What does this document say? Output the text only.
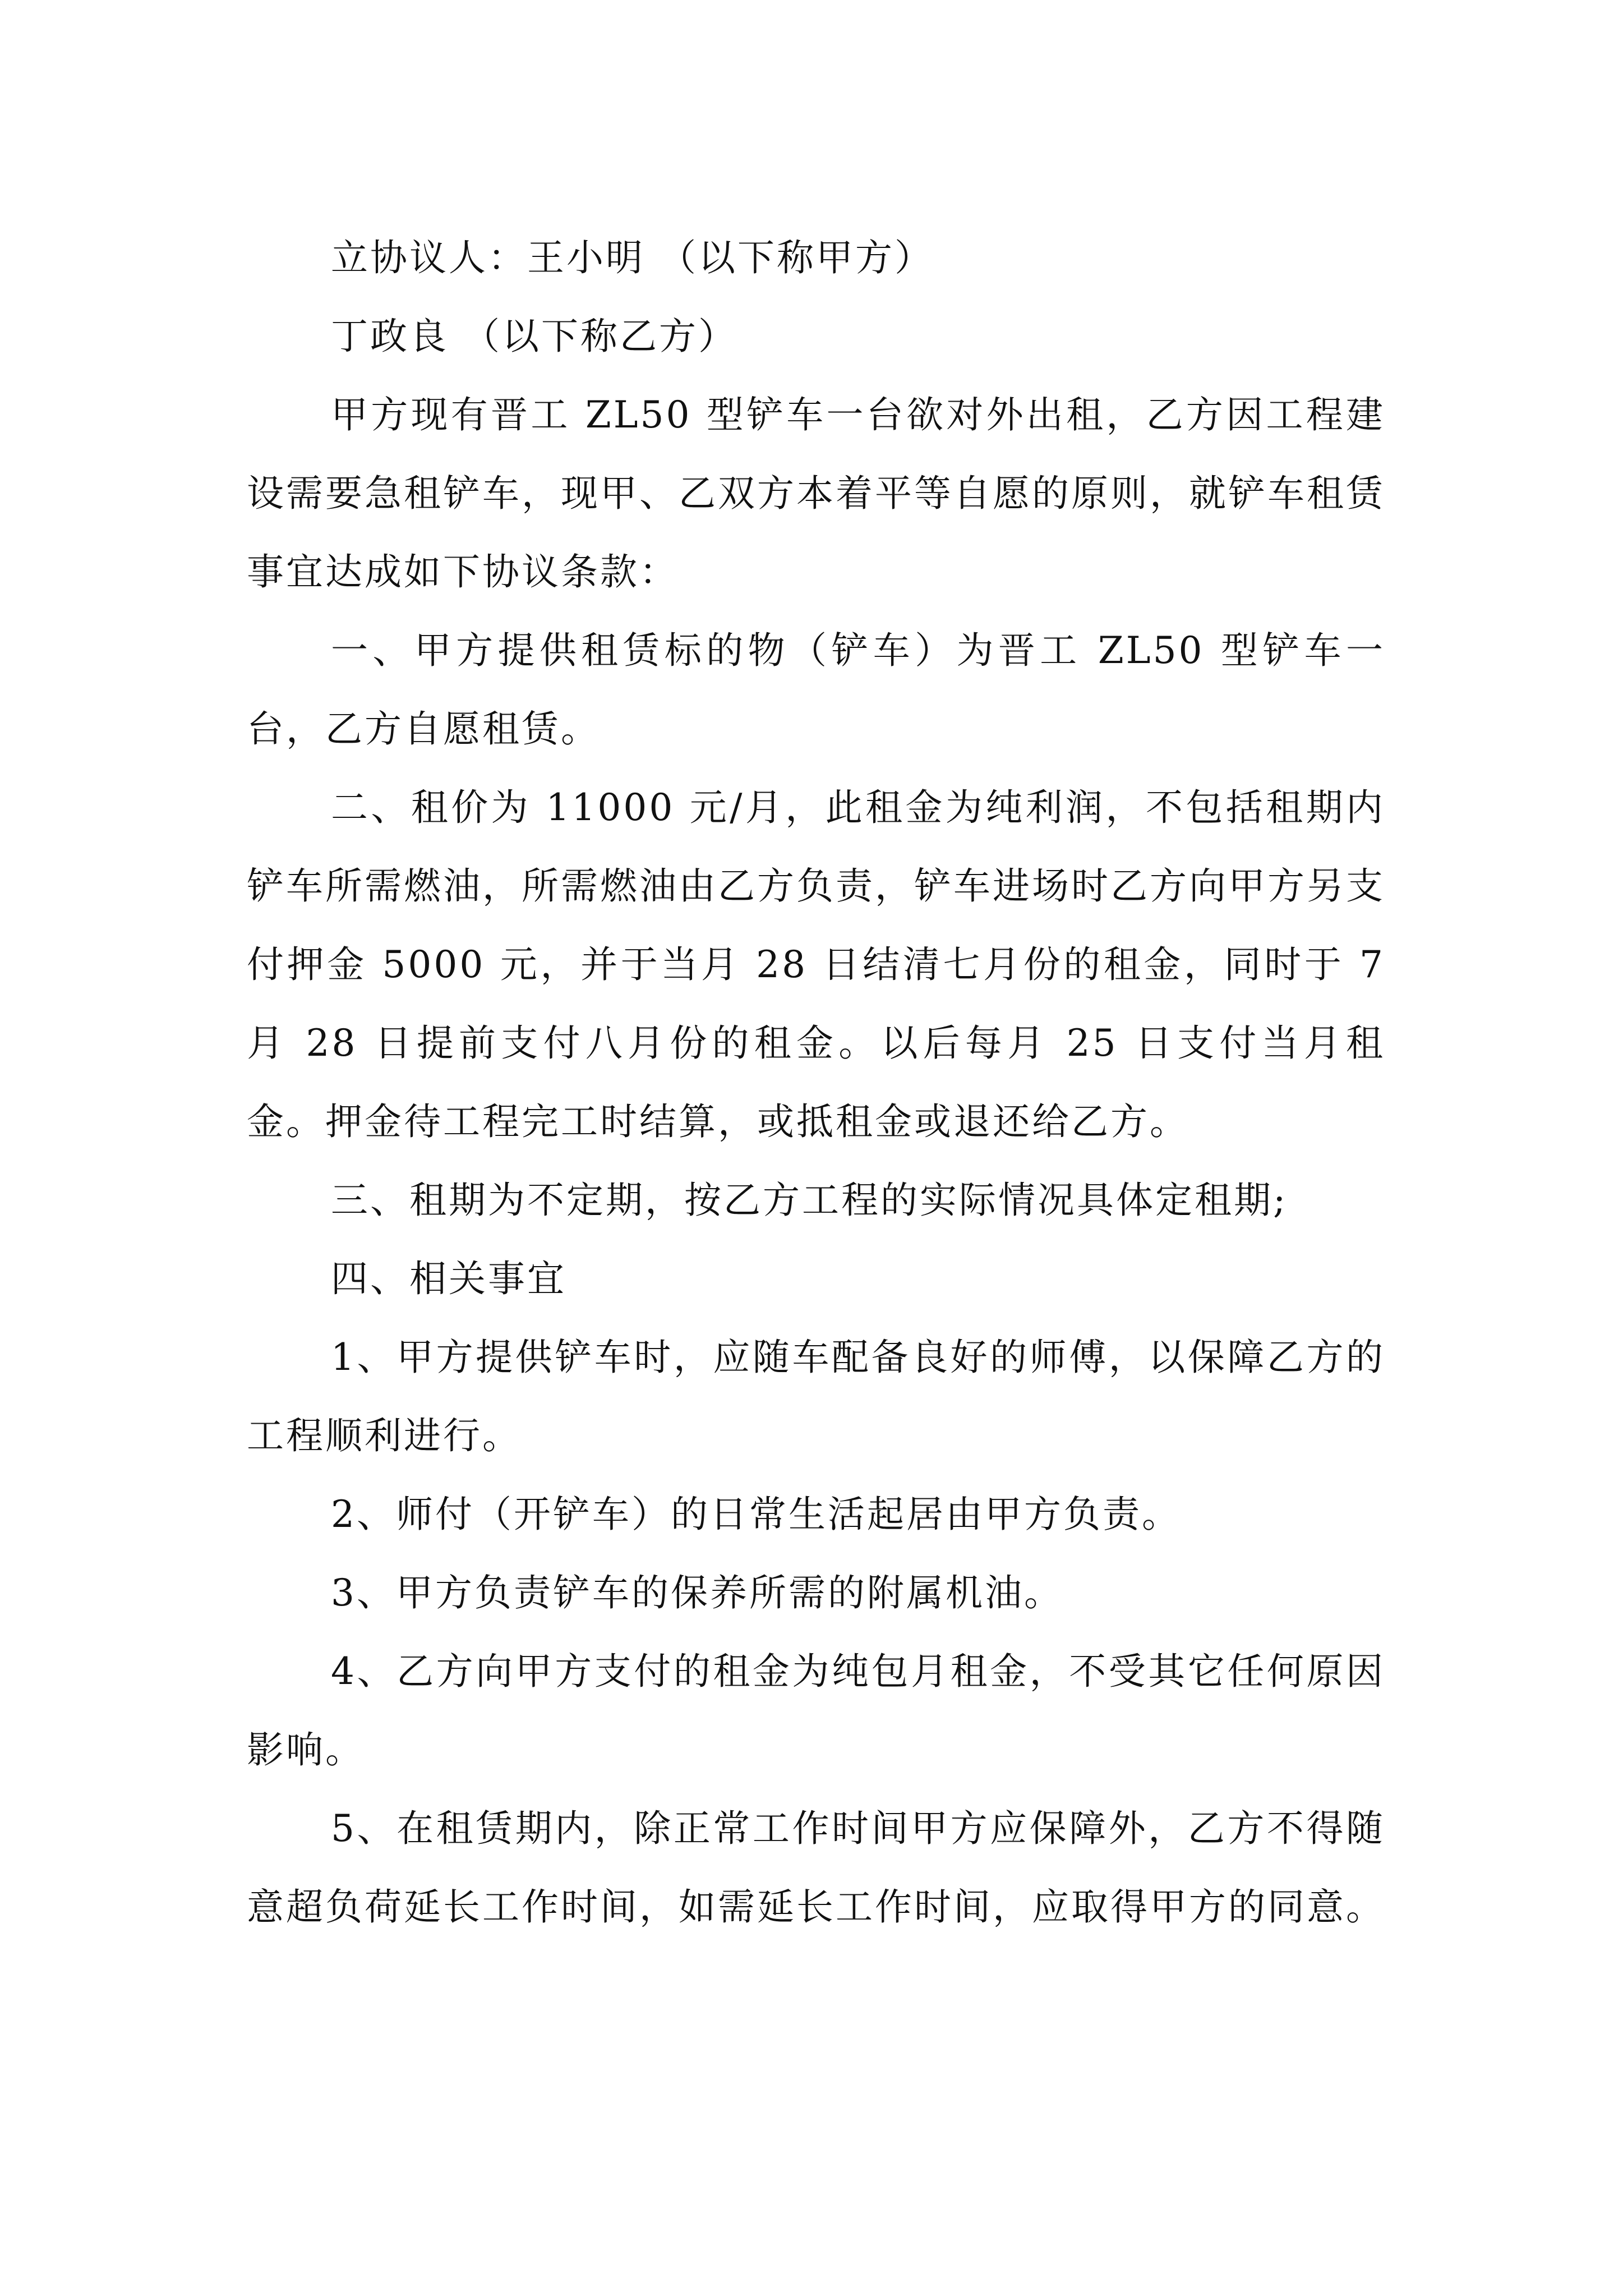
立协议人：王小明 （以下称甲方）

丁政良 （以下称乙方）

甲方现有晋工 ZL50 型铲车一台欲对外出租，乙方因工程建设需要急租铲车，现甲、乙双方本着平等自愿的原则，就铲车租赁事宜达成如下协议条款：

一、甲方提供租赁标的物（铲车）为晋工 ZL50 型铲车一台，乙方自愿租赁。

二、租价为 11000 元/月，此租金为纯利润，不包括租期内铲车所需燃油，所需燃油由乙方负责，铲车进场时乙方向甲方另支付押金 5000 元，并于当月 28 日结清七月份的租金，同时于 7 月 28 日提前支付八月份的租金。以后每月 25 日支付当月租金。押金待工程完工时结算，或抵租金或退还给乙方。

三、租期为不定期，按乙方工程的实际情况具体定租期;

四、相关事宜

1、甲方提供铲车时，应随车配备良好的师傅，以保障乙方的工程顺利进行。

2、师付（开铲车）的日常生活起居由甲方负责。

3、甲方负责铲车的保养所需的附属机油。

4、乙方向甲方支付的租金为纯包月租金，不受其它任何原因影响。

5、在租赁期内，除正常工作时间甲方应保障外，乙方不得随意超负荷延长工作时间，如需延长工作时间，应取得甲方的同意。
